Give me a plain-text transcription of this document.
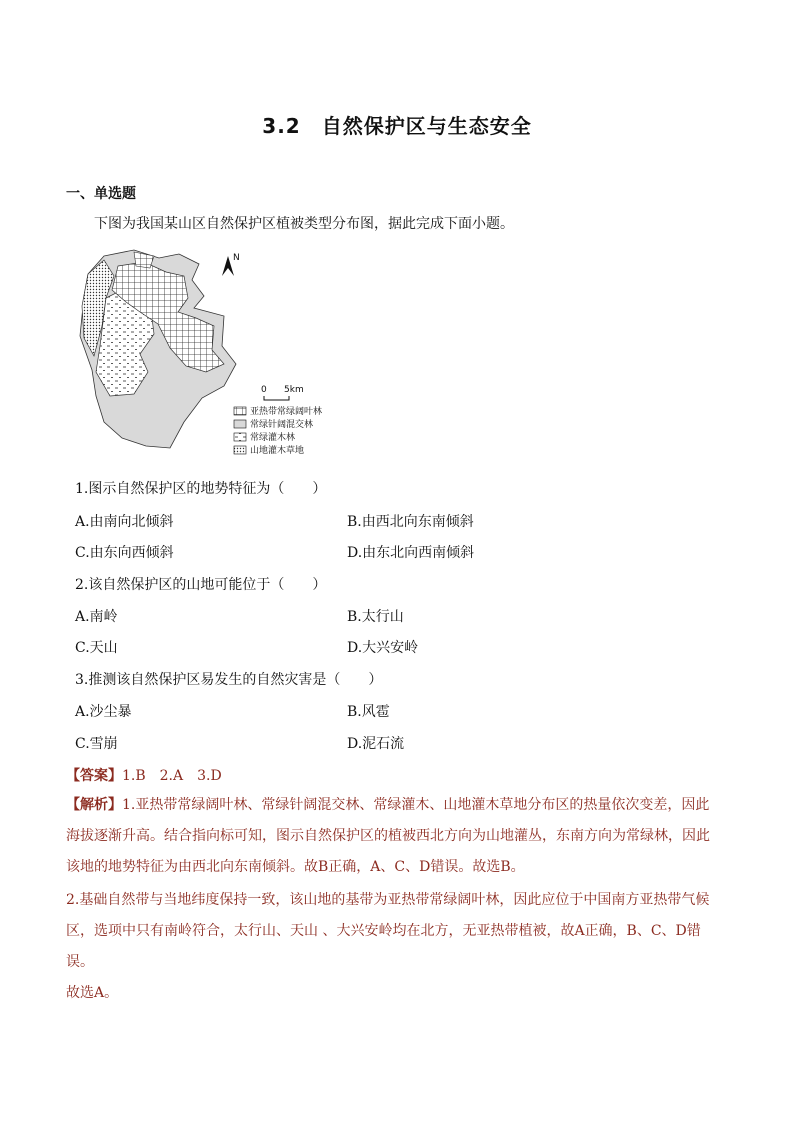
3.2　自然保护区与生态安全
一、单选题
下图为我国某山区自然保护区植被类型分布图，据此完成下面小题。
N
0 5km
亚热带常绿阔叶林
常绿针阔混交林
常绿灌木林
山地灌木草地
1.图示自然保护区的地势特征为（　　）
A.由南向北倾斜	B.由西北向东南倾斜
C.由东向西倾斜	D.由东北向西南倾斜
2.该自然保护区的山地可能位于（　　）
A.南岭	B.太行山
C.天山	D.大兴安岭
3.推测该自然保护区易发生的自然灾害是（　　）
A.沙尘暴	B.风雹
C.雪崩	D.泥石流
【答案】1.B　2.A　3.D
【解析】1.亚热带常绿阔叶林、常绿针阔混交林、常绿灌木、山地灌木草地分布区的热量依次变差，因此
海拔逐渐升高。结合指向标可知，图示自然保护区的植被西北方向为山地灌丛，东南方向为常绿林，因此
该地的地势特征为由西北向东南倾斜。故B正确，A、C、D错误。故选B。
2.基础自然带与当地纬度保持一致，该山地的基带为亚热带常绿阔叶林，因此应位于中国南方亚热带气候
区，选项中只有南岭符合，太行山、天山 、大兴安岭均在北方，无亚热带植被，故A正确，B、C、D错误。
故选A。
